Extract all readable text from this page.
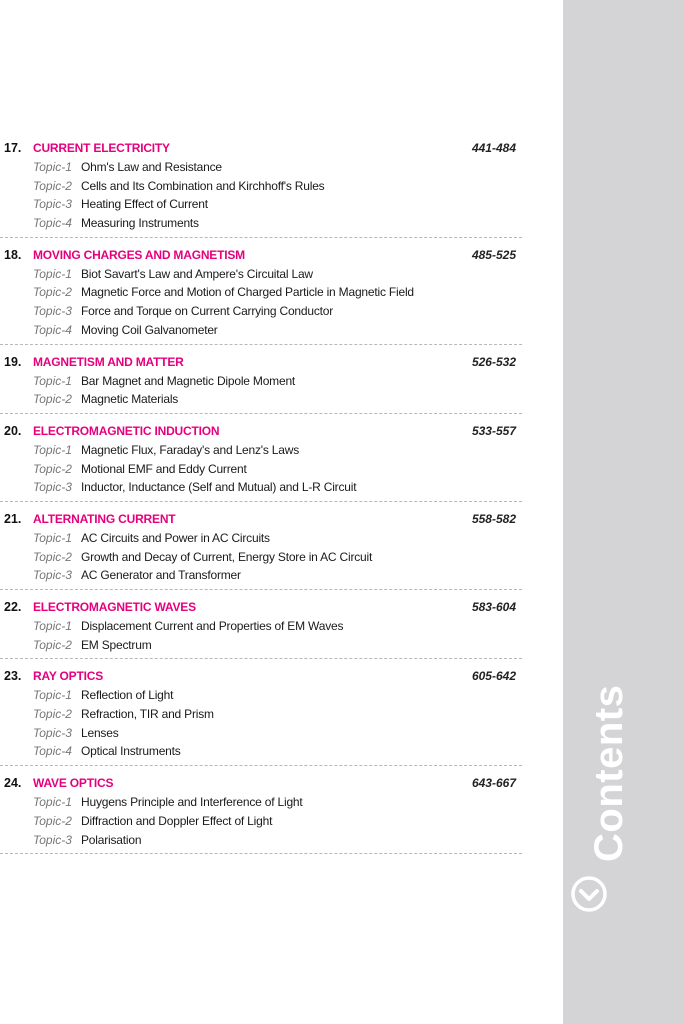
Contents
17. CURRENT ELECTRICITY	441-484
Topic-1 Ohm's Law and Resistance
Topic-2 Cells and Its Combination and Kirchhoff's Rules
Topic-3 Heating Effect of Current
Topic-4 Measuring Instruments
18. MOVING CHARGES AND MAGNETISM	485-525
Topic-1 Biot Savart's Law and Ampere's Circuital Law
Topic-2 Magnetic Force and Motion of Charged Particle in Magnetic Field
Topic-3 Force and Torque on Current Carrying Conductor
Topic-4 Moving Coil Galvanometer
19. MAGNETISM AND MATTER	526-532
Topic-1 Bar Magnet and Magnetic Dipole Moment
Topic-2 Magnetic Materials
20. ELECTROMAGNETIC INDUCTION	533-557
Topic-1 Magnetic Flux, Faraday's and Lenz's Laws
Topic-2 Motional EMF and Eddy Current
Topic-3 Inductor, Inductance (Self and Mutual) and L-R Circuit
21. ALTERNATING CURRENT	558-582
Topic-1 AC Circuits and Power in AC Circuits
Topic-2 Growth and Decay of Current, Energy Store in AC Circuit
Topic-3 AC Generator and Transformer
22. ELECTROMAGNETIC WAVES	583-604
Topic-1 Displacement Current and Properties of EM Waves
Topic-2 EM Spectrum
23. RAY OPTICS	605-642
Topic-1 Reflection of Light
Topic-2 Refraction, TIR and Prism
Topic-3 Lenses
Topic-4 Optical Instruments
24. WAVE OPTICS	643-667
Topic-1 Huygens Principle and Interference of Light
Topic-2 Diffraction and Doppler Effect of Light
Topic-3 Polarisation
